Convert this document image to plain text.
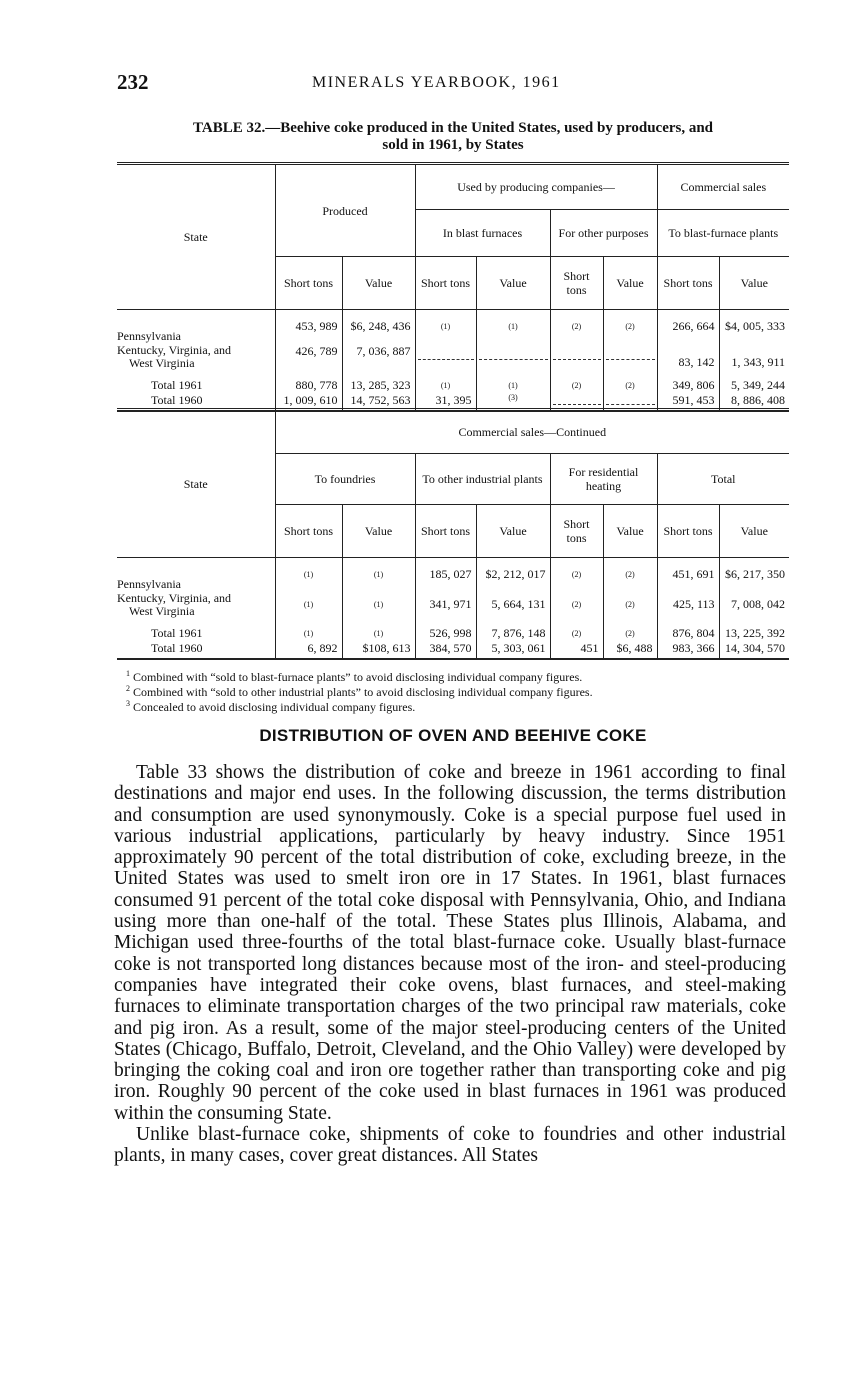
232	MINERALS YEARBOOK, 1961
TABLE 32.—Beehive coke produced in the United States, used by producers, and
sold in 1961, by States
State	Produced		Used by producing companies—				Commercial sales	
			In blast furnaces		For other purposes		To blast-furnace plants	
	Short tons	Value	Short tons	Value	Short tons	Value	Short tons	Value
Pennsylvania	453, 989	$6, 248, 436	(1)	(1)	(2)	(2)	266, 664	$4, 005, 333

Kentucky, Virginia, and
West Virginia	426, 789	7, 036, 887					83, 142	1, 343, 911

Total 1961	880, 778	13, 285, 323	(1)	(1)	(2)	(2)	349, 806	5, 349, 244
Total 1960	1, 009, 610	14, 752, 563	31, 395	(3)			591, 453	8, 886, 408
State	Commercial sales—Continued							
	To foundries		To other industrial plants		For residential heating		Total	
	Short tons	Value	Short tons	Value	Short tons	Value	Short tons	Value
Pennsylvania	(1)	(1)	185, 027	$2, 212, 017	(2)	(2)	451, 691	$6, 217, 350

Kentucky, Virginia, and
West Virginia	(1)	(1)	341, 971	5, 664, 131	(2)	(2)	425, 113	7, 008, 042

Total 1961	(1)	(1)	526, 998	7, 876, 148	(2)	(2)	876, 804	13, 225, 392
Total 1960	6, 892	$108, 613	384, 570	5, 303, 061	451	$6, 488	983, 366	14, 304, 570
$^1$ Combined with “sold to blast-furnace plants” to avoid disclosing individual company figures.
$^2$ Combined with “sold to other industrial plants” to avoid disclosing individual company figures.
$^3$ Concealed to avoid disclosing individual company figures.
DISTRIBUTION OF OVEN AND BEEHIVE COKE

Table 33 shows the distribution of coke and breeze in 1961 according to final destinations and major end uses. In the following discussion, the terms distribution and consumption are used synonymously. Coke is a special purpose fuel used in various industrial applications, particularly by heavy industry. Since 1951 approximately 90 percent of the total distribution of coke, excluding breeze, in the United States was used to smelt iron ore in 17 States. In 1961, blast furnaces consumed 91 percent of the total coke disposal with Pennsylvania, Ohio, and Indiana using more than one-half of the total. These States plus Illinois, Alabama, and Michigan used three-fourths of the total blast-furnace coke. Usually blast-furnace coke is not transported long distances because most of the iron- and steel-producing companies have integrated their coke ovens, blast furnaces, and steel-making furnaces to eliminate transportation charges of the two principal raw materials, coke and pig iron. As a result, some of the major steel-producing centers of the United States (Chicago, Buffalo, Detroit, Cleveland, and the Ohio Valley) were developed by bringing the coking coal and iron ore together rather than transporting coke and pig iron. Roughly 90 percent of the coke used in blast furnaces in 1961 was produced within the consuming State.

Unlike blast-furnace coke, shipments of coke to foundries and other industrial plants, in many cases, cover great distances. All States
